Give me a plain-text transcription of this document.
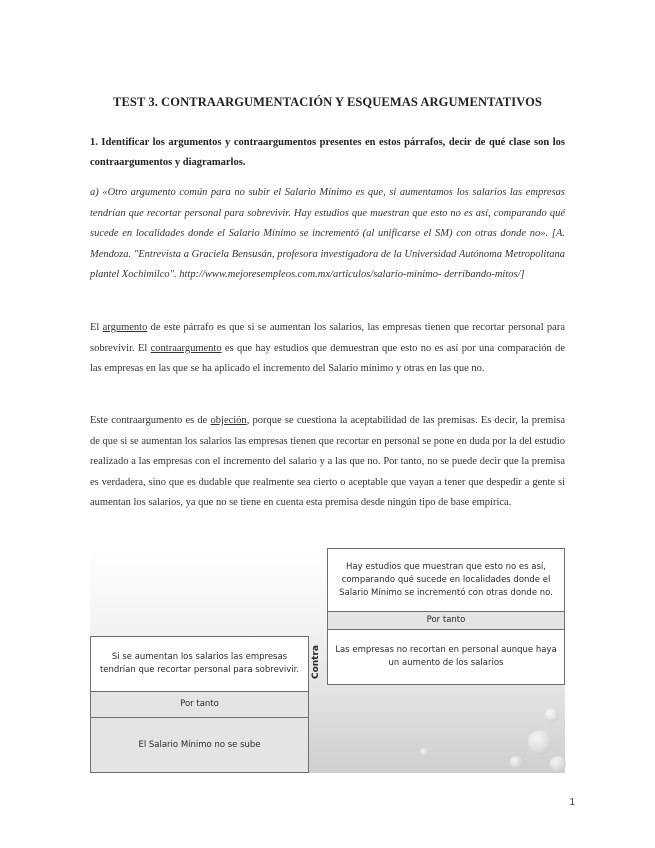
TEST 3. CONTRAARGUMENTACIÓN Y ESQUEMAS ARGUMENTATIVOS
1. Identificar los argumentos y contraargumentos presentes en estos párrafos, decir de qué clase son los contraargumentos y diagramarlos.
a) «Otro argumento común para no subir el Salario Mínimo es que, si aumentamos los salarios las empresas tendrían que recortar personal para sobrevivir. Hay estudios que muestran que esto no es así, comparando qué sucede en localidades donde el Salario Mínimo se incrementó (al unificarse el SM) con otras donde no». [A. Mendoza. "Entrevista a Graciela Bensusán, profesora investigadora de la Universidad Autónoma Metropolitana plantel Xochimilco". http://www.mejoresempleos.com.mx/articulos/salario-minimo- derribando-mitos/]
El argumento de este párrafo es que si se aumentan los salarios, las empresas tienen que recortar personal para sobrevivir. El contraargumento es que hay estudios que demuestran que esto no es así por una comparación de las empresas en las que se ha aplicado el incremento del Salario mínimo y otras en las que no.
Este contraargumento es de objeción, porque se cuestiona la aceptabilidad de las premisas. Es decir, la premisa de que si se aumentan los salarios las empresas tienen que recortar en personal se pone en duda por la del estudio realizado a las empresas con el incremento del salario y a las que no. Por tanto, no se puede decir que la premisa es verdadera, sino que es dudable que realmente sea cierto o aceptable que vayan a tener que despedir a gente si aumentan los salarios, ya que no se tiene en cuenta esta premisa desde ningún tipo de base empírica.
Hay estudios que muestran que esto no es así, comparando qué sucede en localidades donde el Salario Mínimo se incrementó con otras donde no.
Por tanto
Las empresas no recortan en personal aunque haya un aumento de los salarios
Contra
Si se aumentan los salarios las empresas tendrían que recortar personal para sobrevivir.
Por tanto
El Salario Mínimo no se sube
1
